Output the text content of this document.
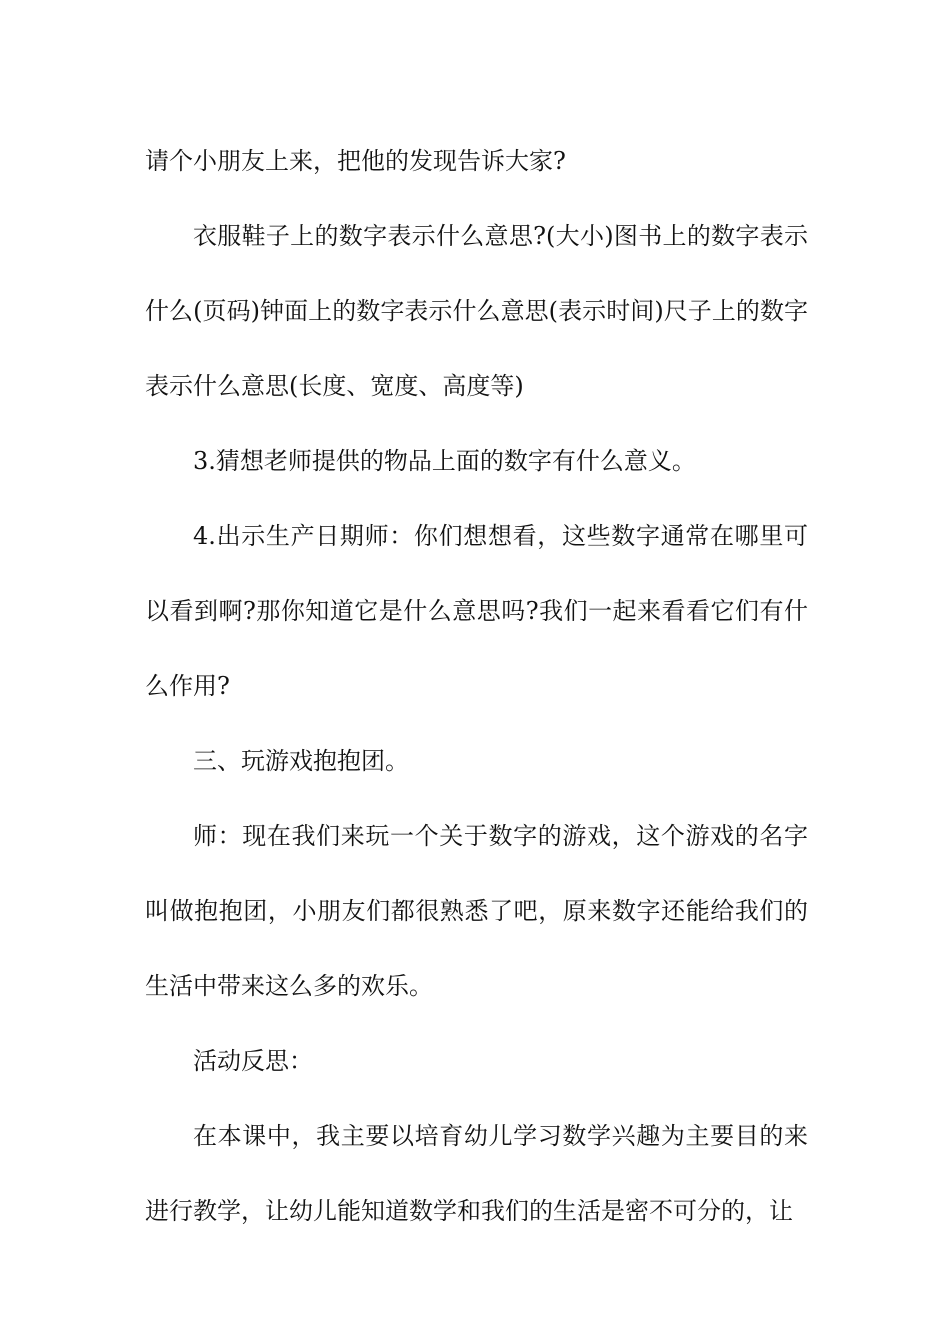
请个小朋友上来，把他的发现告诉大家?

衣服鞋子上的数字表示什么意思?(大小)图书上的数字表示什么(页码)钟面上的数字表示什么意思(表示时间)尺子上的数字表示什么意思(长度、宽度、高度等)

3.猜想老师提供的物品上面的数字有什么意义。

4.出示生产日期师：你们想想看，这些数字通常在哪里可以看到啊?那你知道它是什么意思吗?我们一起来看看它们有什么作用?

三、玩游戏抱抱团。

师：现在我们来玩一个关于数字的游戏，这个游戏的名字叫做抱抱团，小朋友们都很熟悉了吧，原来数字还能给我们的生活中带来这么多的欢乐。

活动反思：

在本课中，我主要以培育幼儿学习数学兴趣为主要目的来进行教学，让幼儿能知道数学和我们的生活是密不可分的，让
